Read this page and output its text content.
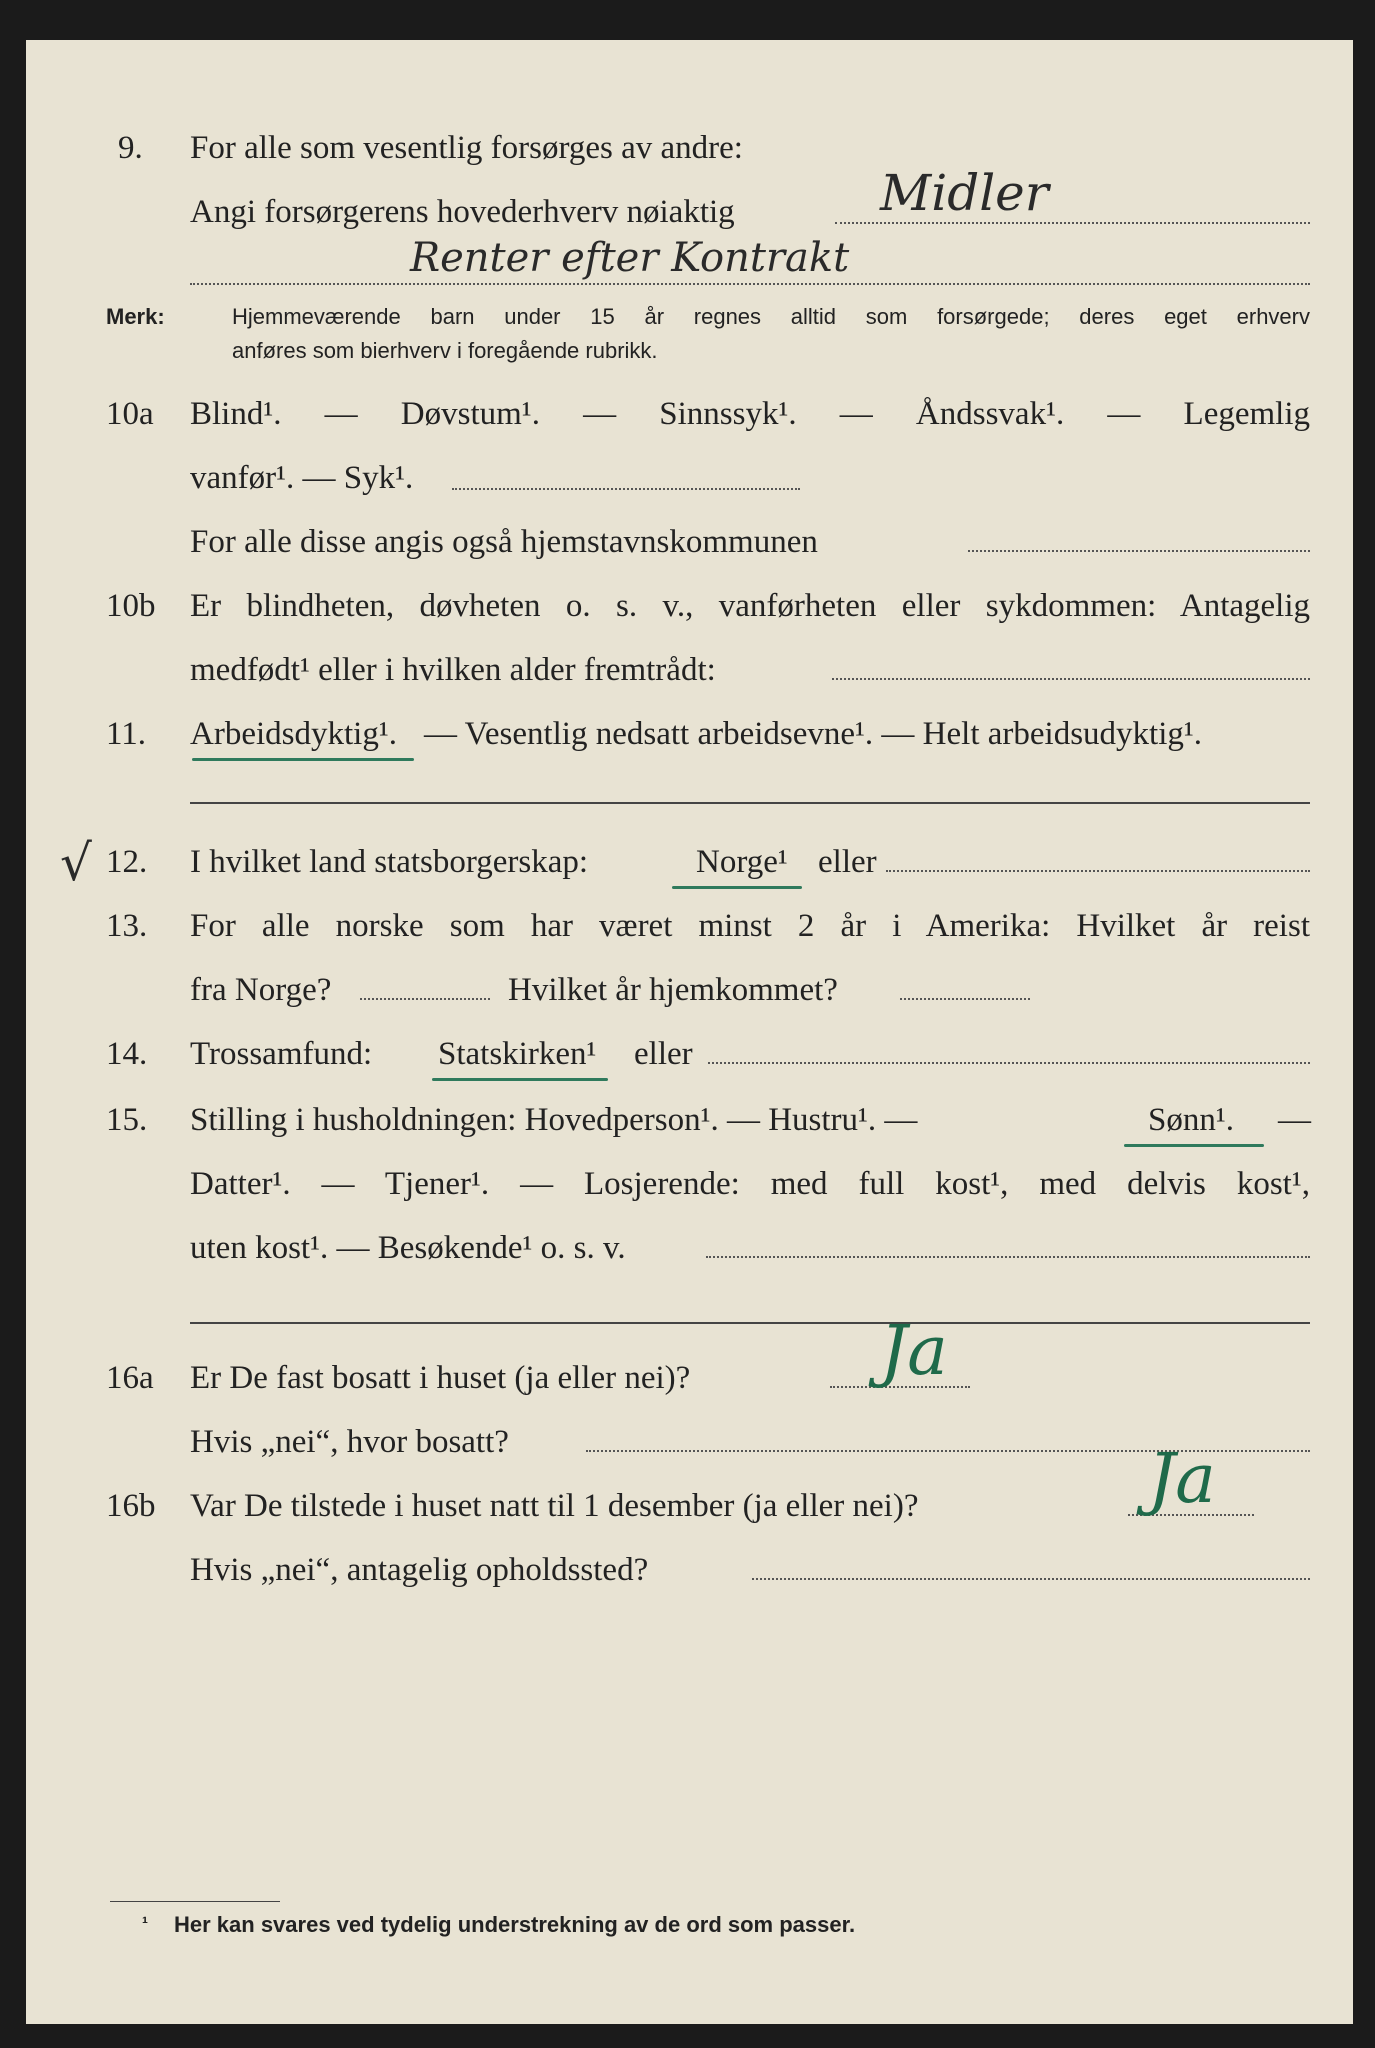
9. For alle som vesentlig forsørges av andre:
Angi forsørgerens hovederhverv nøiaktig	Midler
Renter efter Kontrakt
Merk:	Hjemmeværende barn under 15 år regnes alltid som forsørgede; deres eget erhverv
anføres som bierhverv i foregående rubrikk.
10a Blind¹. — Døvstum¹. — Sinnssyk¹. — Åndssvak¹. — Legemlig
vanfør¹. — Syk¹.
For alle disse angis også hjemstavnskommunen
10b Er blindheten, døvheten o. s. v., vanførheten eller sykdommen: Antagelig
medfødt¹ eller i hvilken alder fremtrådt:
11. Arbeidsdyktig¹. — Vesentlig nedsatt arbeidsevne¹. — Helt arbeidsudyktig¹.
√ 12. I hvilket land statsborgerskap:	Norge¹ eller
13. For alle norske som har været minst 2 år i Amerika: Hvilket år reist
fra Norge?	Hvilket år hjemkommet?
14. Trossamfund: Statskirken¹ eller
15. Stilling i husholdningen: Hovedperson¹. — Hustru¹. —	Sønn¹. —
Datter¹. — Tjener¹. — Losjerende: med full kost¹, med delvis kost¹,
uten kost¹. — Besøkende¹ o. s. v.
16a Er De fast bosatt i huset (ja eller nei)?	Ja
Hvis „nei“, hvor bosatt?
16b Var De tilstede i huset natt til 1 desember (ja eller nei)?	Ja
Hvis „nei“, antagelig opholdssted?
¹ Her kan svares ved tydelig understrekning av de ord som passer.
